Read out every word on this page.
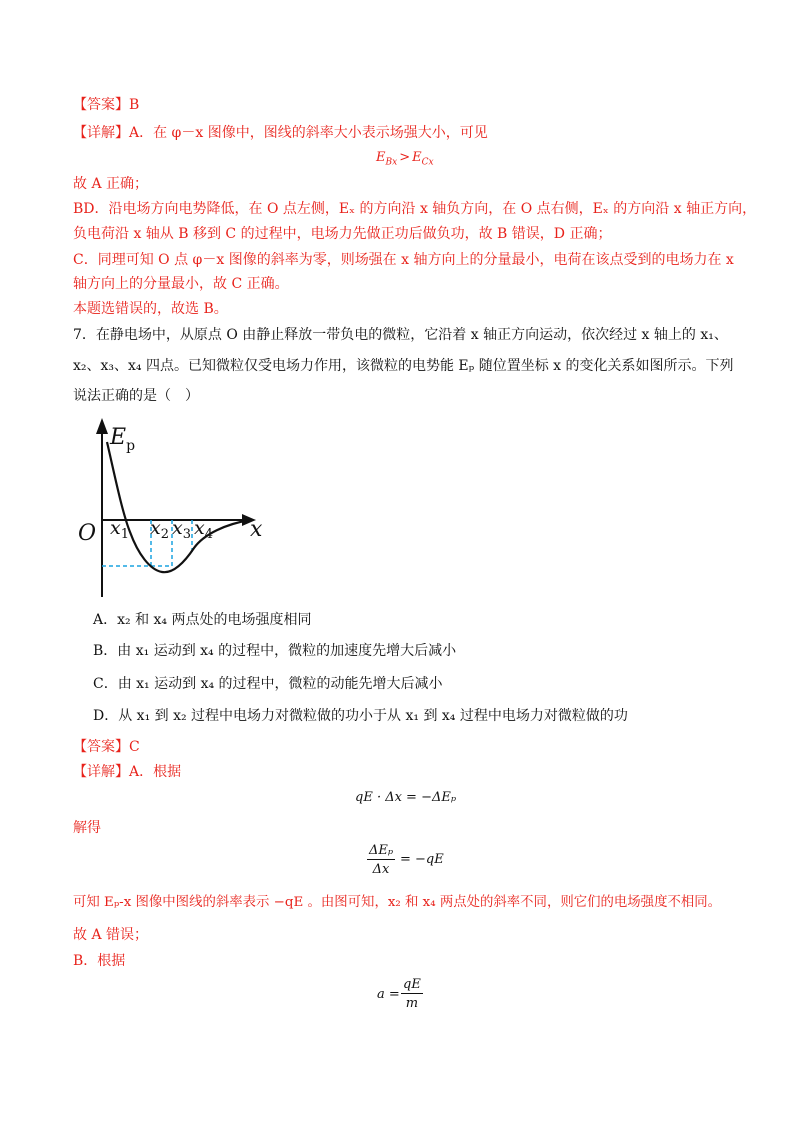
【答案】B
【详解】A．在 φ－x 图像中，图线的斜率大小表示场强大小，可见
$E_{Bx} > E_{Cx}$
故 A 正确；
BD．沿电场方向电势降低，在 O 点左侧，Eₓ 的方向沿 x 轴负方向，在 O 点右侧，Eₓ 的方向沿 x 轴正方向，
负电荷沿 x 轴从 B 移到 C 的过程中，电场力先做正功后做负功，故 B 错误，D 正确；
C．同理可知 O 点 φ－x 图像的斜率为零，则场强在 x 轴方向上的分量最小，电荷在该点受到的电场力在 x
轴方向上的分量最小，故 C 正确。
本题选错误的，故选 B。
7．在静电场中，从原点 O 由静止释放一带负电的微粒，它沿着 x 轴正方向运动，依次经过 x 轴上的 x₁、
x₂、x₃、x₄ 四点。已知微粒仅受电场力作用，该微粒的电势能 Eₚ 随位置坐标 x 的变化关系如图所示。下列
说法正确的是（　）
$E_p$
O	x
$x_1$ $x_2$ $x_3$ $x_4$
A．x₂ 和 x₄ 两点处的电场强度相同
B．由 x₁ 运动到 x₄ 的过程中，微粒的加速度先增大后减小
C．由 x₁ 运动到 x₄ 的过程中，微粒的动能先增大后减小
D．从 x₁ 到 x₂ 过程中电场力对微粒做的功小于从 x₁ 到 x₄ 过程中电场力对微粒做的功
【答案】C
【详解】A．根据
qE · Δx = −ΔEₚ
解得
ΔEₚ
Δx
= −qE
可知 Eₚ-x 图像中图线的斜率表示 −qE 。由图可知，x₂ 和 x₄ 两点处的斜率不同，则它们的电场强度不相同。
故 A 错误；
B．根据
$a = \frac{qE}{m}$
